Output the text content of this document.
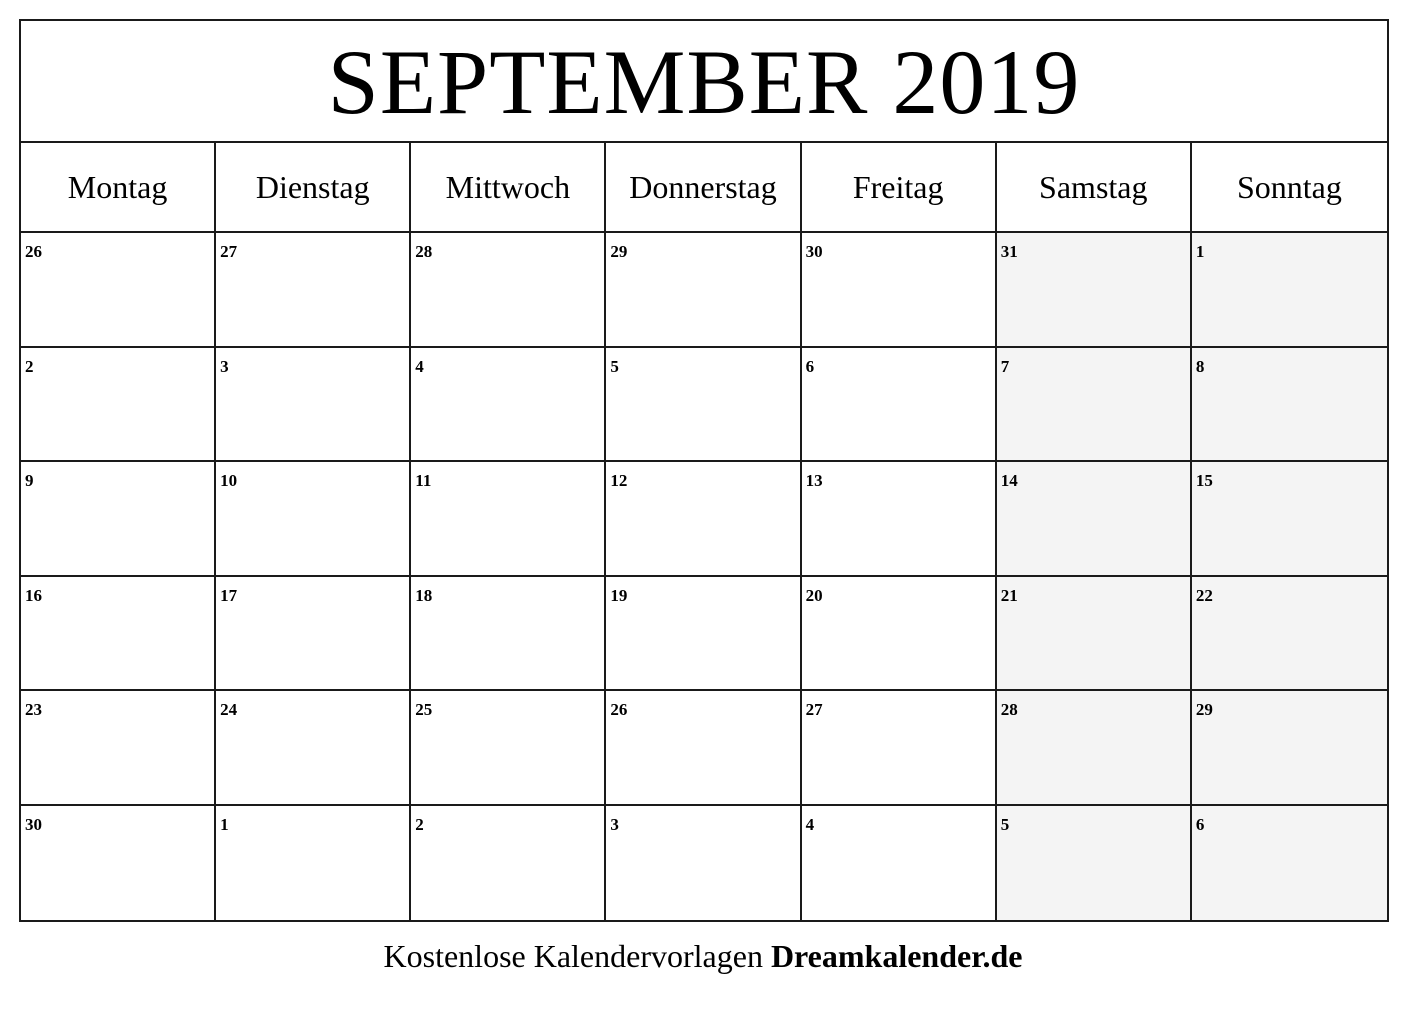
SEPTEMBER 2019
Montag	Dienstag	Mittwoch	Donnerstag	Freitag	Samstag	Sonntag
26	27	28	29	30	31	1
2	3	4	5	6	7	8
9	10	11	12	13	14	15
16	17	18	19	20	21	22
23	24	25	26	27	28	29
30	1	2	3	4	5	6
Kostenlose Kalendervorlagen Dreamkalender.de
